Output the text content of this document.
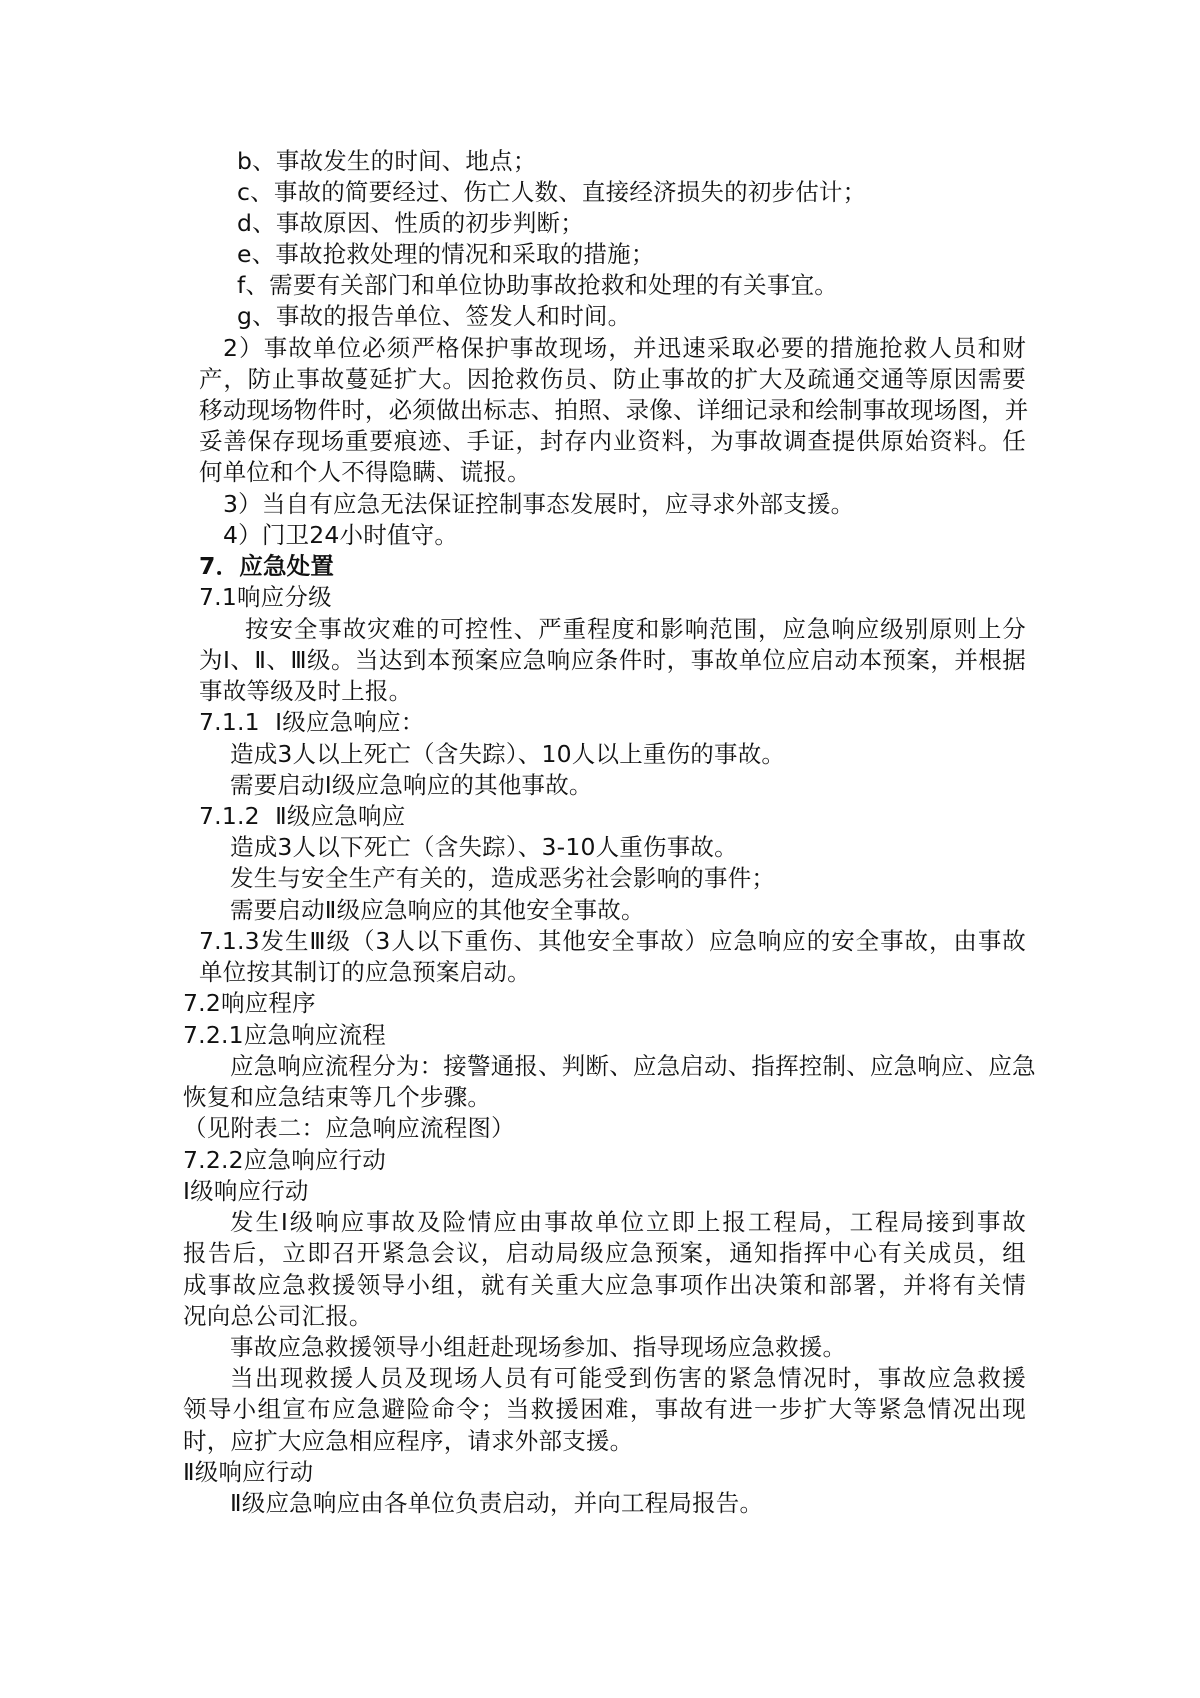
b、事故发生的时间、地点；
c、事故的简要经过、伤亡人数、直接经济损失的初步估计；
d、事故原因、性质的初步判断；
e、事故抢救处理的情况和采取的措施；
f、需要有关部门和单位协助事故抢救和处理的有关事宜。
g、事故的报告单位、签发人和时间。
2）事故单位必须严格保护事故现场，并迅速采取必要的措施抢救人员和财
产，防止事故蔓延扩大。因抢救伤员、防止事故的扩大及疏通交通等原因需要
移动现场物件时，必须做出标志、拍照、录像、详细记录和绘制事故现场图，并
妥善保存现场重要痕迹、手证，封存内业资料，为事故调查提供原始资料。任
何单位和个人不得隐瞒、谎报。
3）当自有应急无法保证控制事态发展时，应寻求外部支援。
4）门卫24小时值守。
7．应急处置
7.1响应分级
按安全事故灾难的可控性、严重程度和影响范围，应急响应级别原则上分
为Ⅰ、Ⅱ、Ⅲ级。当达到本预案应急响应条件时，事故单位应启动本预案，并根据
事故等级及时上报。
7.1.1  Ⅰ级应急响应：
造成3人以上死亡（含失踪）、10人以上重伤的事故。
需要启动Ⅰ级应急响应的其他事故。
7.1.2  Ⅱ级应急响应
造成3人以下死亡（含失踪）、3-10人重伤事故。
发生与安全生产有关的，造成恶劣社会影响的事件；
需要启动Ⅱ级应急响应的其他安全事故。
7.1.3发生Ⅲ级（3人以下重伤、其他安全事故）应急响应的安全事故，由事故
单位按其制订的应急预案启动。
7.2响应程序
7.2.1应急响应流程
应急响应流程分为：接警通报、判断、应急启动、指挥控制、应急响应、应急
恢复和应急结束等几个步骤。
（见附表二：应急响应流程图）
7.2.2应急响应行动
Ⅰ级响应行动
发生Ⅰ级响应事故及险情应由事故单位立即上报工程局，工程局接到事故
报告后，立即召开紧急会议，启动局级应急预案，通知指挥中心有关成员，组
成事故应急救援领导小组，就有关重大应急事项作出决策和部署，并将有关情
况向总公司汇报。
事故应急救援领导小组赶赴现场参加、指导现场应急救援。
当出现救援人员及现场人员有可能受到伤害的紧急情况时，事故应急救援
领导小组宣布应急避险命令；当救援困难，事故有进一步扩大等紧急情况出现
时，应扩大应急相应程序，请求外部支援。
Ⅱ级响应行动
Ⅱ级应急响应由各单位负责启动，并向工程局报告。
